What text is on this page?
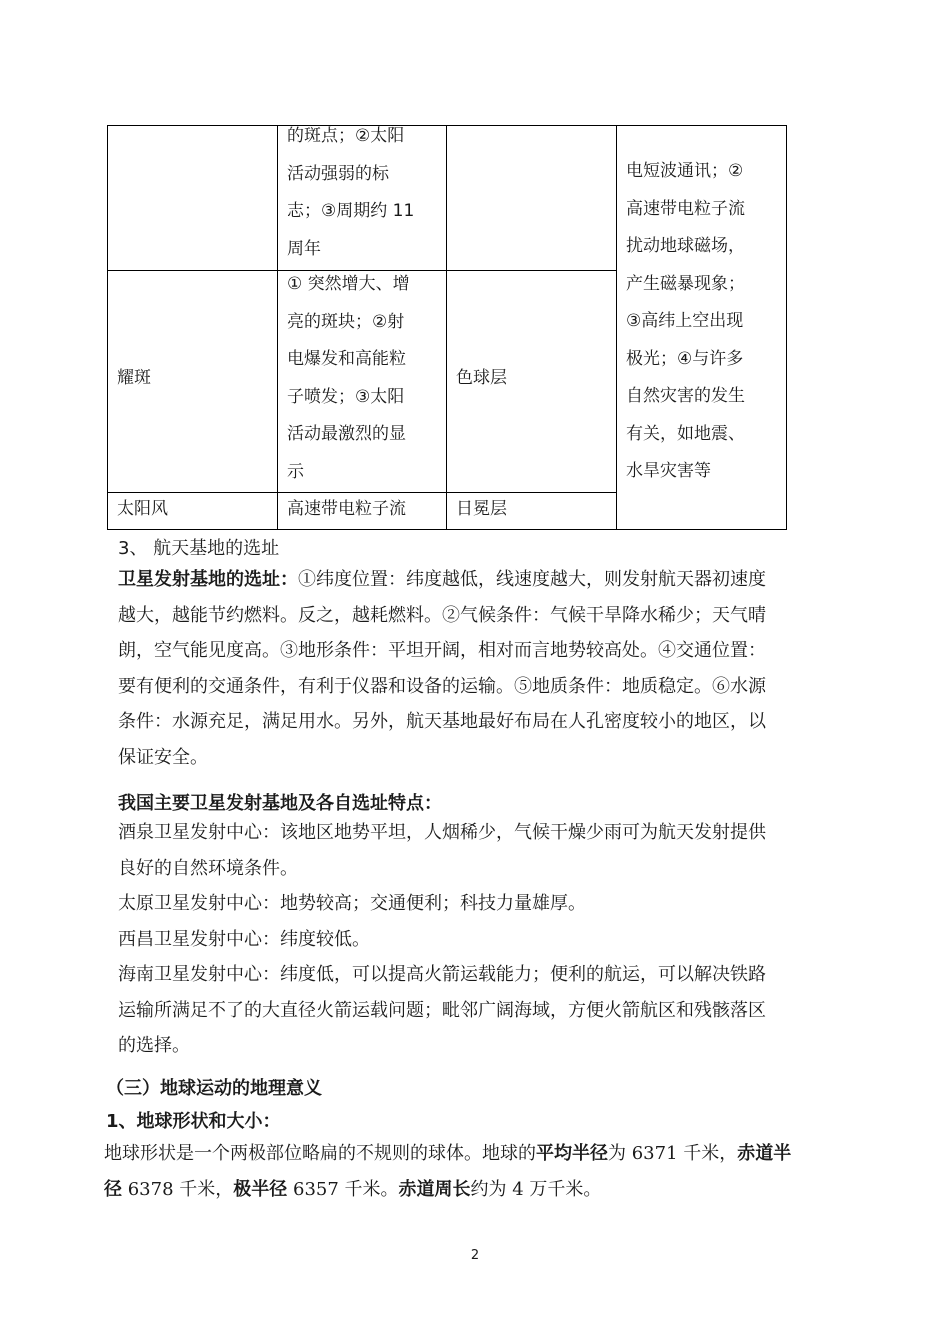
的斑点；②太阳
活动强弱的标
志；③周期约 11
周年
电短波通讯；②
高速带电粒子流
扰动地球磁场，
产生磁暴现象；
③高纬上空出现
极光；④与许多
自然灾害的发生
有关，如地震、
水旱灾害等
耀斑
① 突然增大、增
亮的斑块；②射
电爆发和高能粒
子喷发；③太阳
活动最激烈的显
示
色球层
太阳风	高速带电粒子流	日冕层
3、 航天基地的选址
卫星发射基地的选址：①纬度位置：纬度越低，线速度越大，则发射航天器初速度
越大，越能节约燃料。反之，越耗燃料。②气候条件：气候干旱降水稀少；天气晴
朗，空气能见度高。③地形条件：平坦开阔，相对而言地势较高处。④交通位置：
要有便利的交通条件，有利于仪器和设备的运输。⑤地质条件：地质稳定。⑥水源
条件：水源充足，满足用水。另外，航天基地最好布局在人孔密度较小的地区，以
保证安全。
我国主要卫星发射基地及各自选址特点：
酒泉卫星发射中心：该地区地势平坦，人烟稀少，气候干燥少雨可为航天发射提供
良好的自然环境条件。
太原卫星发射中心：地势较高；交通便利；科技力量雄厚。
西昌卫星发射中心：纬度较低。
海南卫星发射中心：纬度低，可以提高火箭运载能力；便利的航运，可以解决铁路
运输所满足不了的大直径火箭运载问题；毗邻广阔海域，方便火箭航区和残骸落区
的选择。
（三）地球运动的地理意义
1、地球形状和大小：
地球形状是一个两极部位略扁的不规则的球体。地球的平均半径为 6371 千米，赤道半
径 6378 千米，极半径 6357 千米。赤道周长约为 4 万千米。
2
